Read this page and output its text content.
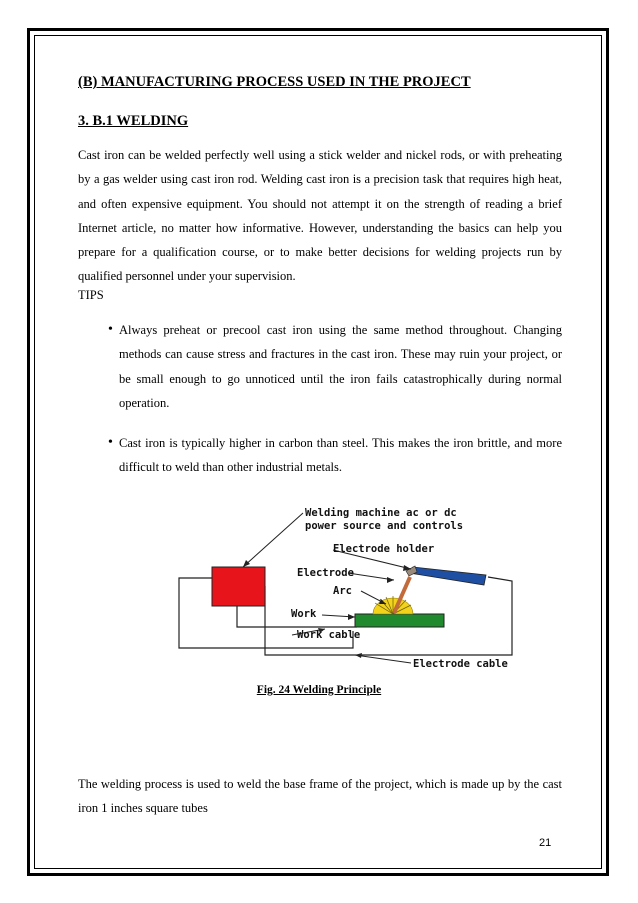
(B) MANUFACTURING PROCESS USED IN THE PROJECT
3. B.1 WELDING
Cast iron can be welded perfectly well using a stick welder and nickel rods, or with preheating by a gas welder using cast iron rod. Welding cast iron is a precision task that requires high heat, and often expensive equipment. You should not attempt it on the strength of reading a brief Internet article, no matter how informative. However, understanding the basics can help you prepare for a qualification course, or to make better decisions for welding projects run by qualified personnel under your supervision.
TIPS
• Always preheat or precool cast iron using the same method throughout. Changing methods can cause stress and fractures in the cast iron. These may ruin your project, or be small enough to go unnoticed until the iron fails catastrophically during normal operation.
• Cast iron is typically higher in carbon than steel. This makes the iron brittle, and more difficult to weld than other industrial metals.
Welding machine ac or dc
power source and controls
Electrode holder
Electrode
Arc
Work
Work cable
Electrode cable
Fig. 24 Welding Principle
The welding process is used to weld the base frame of the project, which is made up by the cast iron 1 inches square tubes
21
